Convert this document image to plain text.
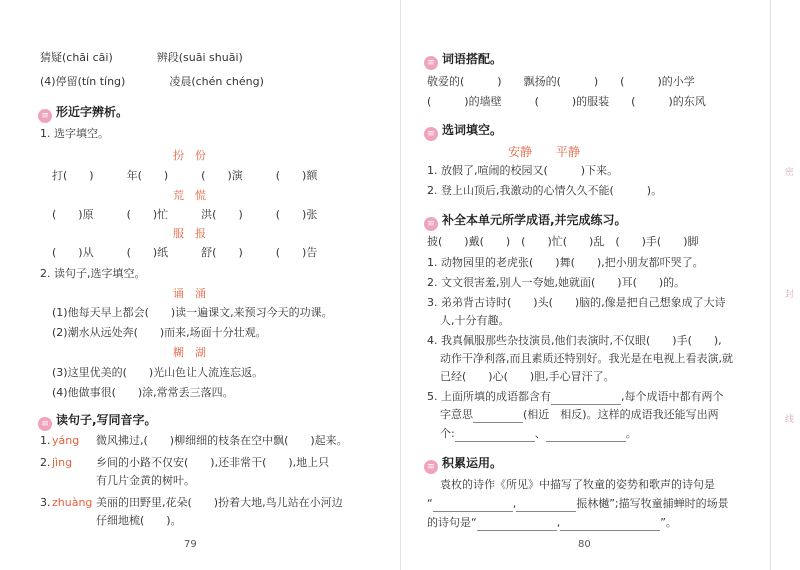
猜疑(chāi cāi)　　　　辨段(suāi shuāi)
(4)停留(tín tíng)　　　　凌晨(chén chéng)
≡ 形近字辨析。
1. 选字填空。
扮　份
打(　　)　　　年(　　)　　　(　　)演　　　(　　)额
荒　慌
(　　)原　　　(　　)忙　　　洪(　　)　　　(　　)张
服　报
(　　)从　　　(　　)纸　　　舒(　　)　　　(　　)告
2. 读句子,选字填空。
诵　涌
(1)他每天早上都会(　　)读一遍课文,来预习今天的功课。
(2)潮水从远处奔(　　)而来,场面十分壮观。
糊　湖
(3)这里优美的(　　)光山色让人流连忘返。
(4)他做事很(　　)涂,常常丢三落四。
≡ 读句子,写同音字。
1. yáng 微风拂过,(　　)柳细细的枝条在空中飘(　　)起来。
2. jìng 乡间的小路不仅安(　　),还非常干(　　),地上只
有几片金黄的树叶。
3. zhuàng 美丽的田野里,花朵(　　)扮着大地,鸟儿站在小河边
仔细地梳(　　)。
79
≡ 词语搭配。
敬爱的(　　　)　　飘扬的(　　　)　　(　　　)的小学
(　　　)的墙壁　　　(　　　)的服装　　(　　　)的东风
≡ 选词填空。
安静　　平静
1. 放假了,喧闹的校园又(　　　)下来。
2. 登上山顶后,我激动的心情久久不能(　　　)。
≡ 补全本单元所学成语,并完成练习。
披(　　)戴(　　)　(　　)忙(　　)乱　(　　)手(　　)脚
1. 动物园里的老虎张(　　)舞(　　),把小朋友都吓哭了。
2. 文文很害羞,别人一夸她,她就面(　　)耳(　　)的。
3. 弟弟背古诗时(　　)头(　　)脑的,像是把自己想象成了大诗
人,十分有趣。
4. 我真佩服那些杂技演员,他们表演时,不仅眼(　　)手(　　),
动作干净利落,而且素质还特别好。我光是在电视上看表演,就
已经(　　)心(　　)胆,手心冒汗了。
5. 上面所填的成语都含有	,每个成语中都有两个
字意思	(相近　相反)。这样的成语我还能写出两
个:	、	。
≡ 积累运用。
袁枚的诗作《所见》中描写了牧童的姿势和歌声的诗句是
“	,	振林樾”;描写牧童捕蝉时的场景
的诗句是“	,	”。
80
密
封
线
